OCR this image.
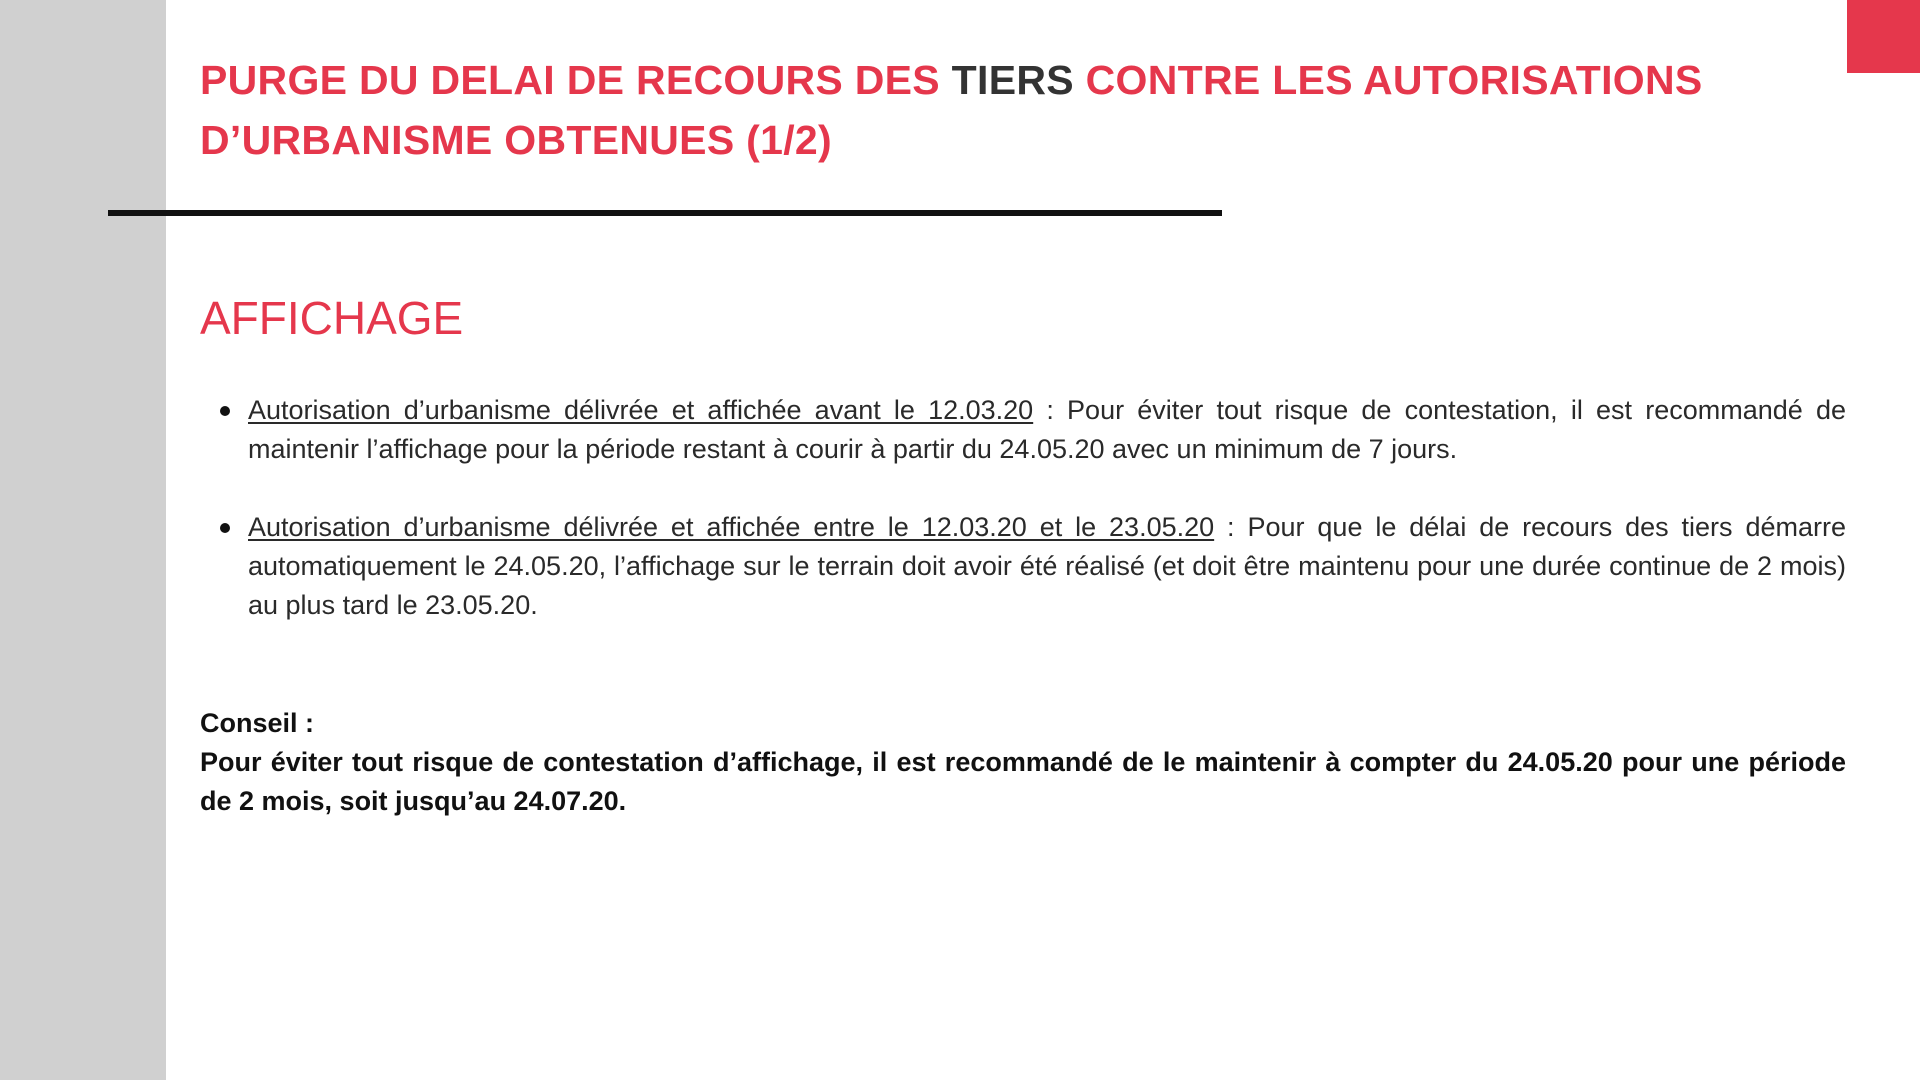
PURGE DU DELAI DE RECOURS DES TIERS CONTRE LES AUTORISATIONS D’URBANISME OBTENUES (1/2)
AFFICHAGE
Autorisation d’urbanisme délivrée et affichée avant le 12.03.20 : Pour éviter tout risque de contestation, il est recommandé de maintenir l’affichage pour la période restant à courir à partir du 24.05.20 avec un minimum de 7 jours.
Autorisation d’urbanisme délivrée et affichée entre le 12.03.20 et le 23.05.20 : Pour que le délai de recours des tiers démarre automatiquement le 24.05.20, l’affichage sur le terrain doit avoir été réalisé (et doit être maintenu pour une durée continue de 2 mois) au plus tard le 23.05.20.
Conseil :
Pour éviter tout risque de contestation d’affichage, il est recommandé de le maintenir à compter du 24.05.20 pour une période de 2 mois, soit jusqu’au 24.07.20.
